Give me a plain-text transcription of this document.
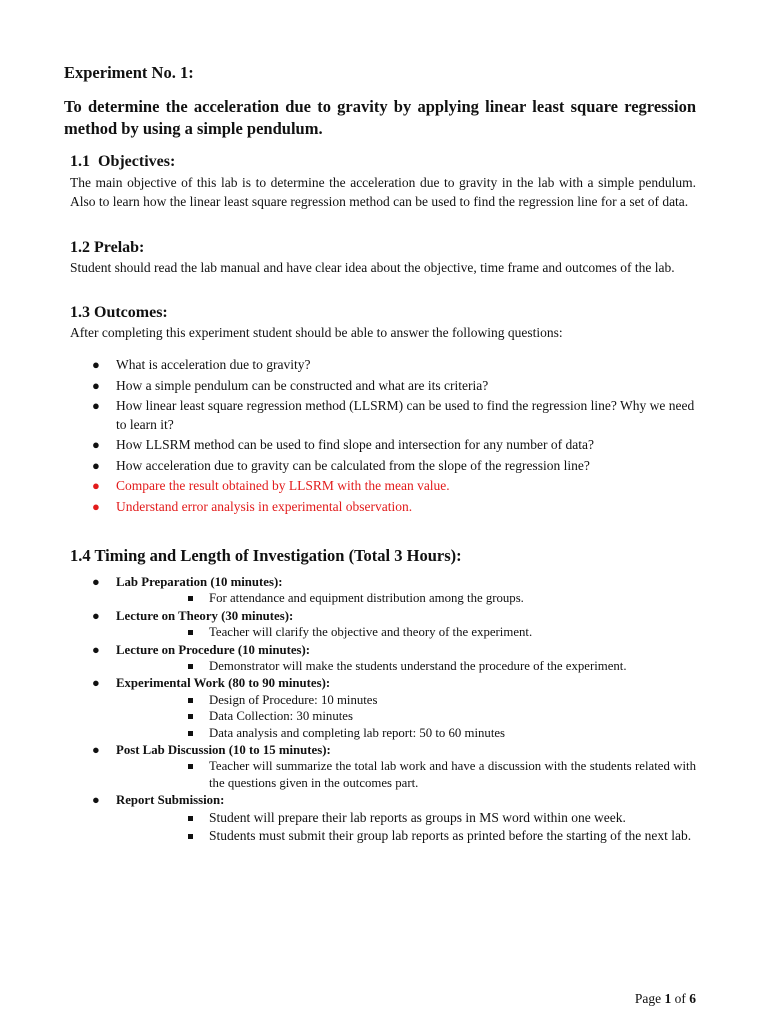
Experiment No. 1:
To determine the acceleration due to gravity by applying linear least square regression method by using a simple pendulum.
1.1 Objectives:

The main objective of this lab is to determine the acceleration due to gravity in the lab with a simple pendulum. Also to learn how the linear least square regression method can be used to find the regression line for a set of data.

1.2 Prelab:

Student should read the lab manual and have clear idea about the objective, time frame and outcomes of the lab.

1.3 Outcomes:

After completing this experiment student should be able to answer the following questions:

● What is acceleration due to gravity?
● How a simple pendulum can be constructed and what are its criteria?
● How linear least square regression method (LLSRM) can be used to find the regression line? Why we need to learn it?
● How LLSRM method can be used to find slope and intersection for any number of data?
● How acceleration due to gravity can be calculated from the slope of the regression line?
● Compare the result obtained by LLSRM with the mean value.
● Understand error analysis in experimental observation.
1.4 Timing and Length of Investigation (Total 3 Hours):
● Lab Preparation (10 minutes):
For attendance and equipment distribution among the groups.
● Lecture on Theory (30 minutes):
Teacher will clarify the objective and theory of the experiment.
● Lecture on Procedure (10 minutes):
Demonstrator will make the students understand the procedure of the experiment.
● Experimental Work (80 to 90 minutes):
Design of Procedure: 10 minutes
Data Collection: 30 minutes
Data analysis and completing lab report: 50 to 60 minutes
● Post Lab Discussion (10 to 15 minutes):
Teacher will summarize the total lab work and have a discussion with the students related with the questions given in the outcomes part.
● Report Submission:
Student will prepare their lab reports as groups in MS word within one week.
Students must submit their group lab reports as printed before the starting of the next lab.
Page 1 of 6
